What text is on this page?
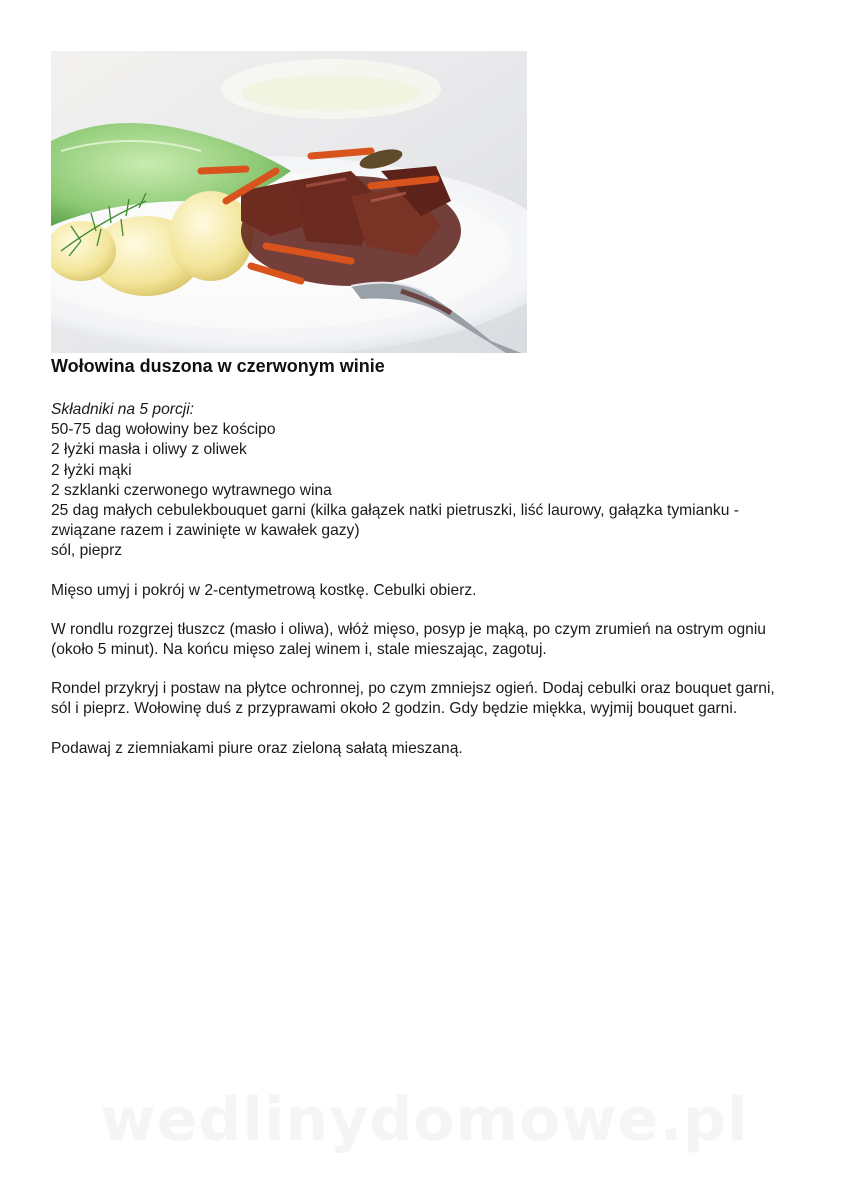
Wołowina duszona w czerwonym winie

Składniki na 5 porcji:

50-75 dag wołowiny bez kościpo
2 łyżki masła i oliwy z oliwek
2 łyżki mąki
2 szklanki czerwonego wytrawnego wina
25 dag małych cebulekbouquet garni (kilka gałązek natki pietruszki, liść laurowy, gałązka tymianku - związane razem i zawinięte w kawałek gazy)
sól, pieprz

Mięso umyj i pokrój w 2-centymetrową kostkę. Cebulki obierz.

W rondlu rozgrzej tłuszcz (masło i oliwa), włóż mięso, posyp je mąką, po czym zrumień na ostrym ogniu (około 5 minut). Na końcu mięso zalej winem i, stale mieszając, zagotuj.

Rondel przykryj i postaw na płytce ochronnej, po czym zmniejsz ogień. Dodaj cebulki oraz bouquet garni, sól i pieprz. Wołowinę duś z przyprawami około 2 godzin. Gdy będzie miękka, wyjmij bouquet garni.

Podawaj z ziemniakami piure oraz zieloną sałatą mieszaną.

wedlinydomowe.pl
